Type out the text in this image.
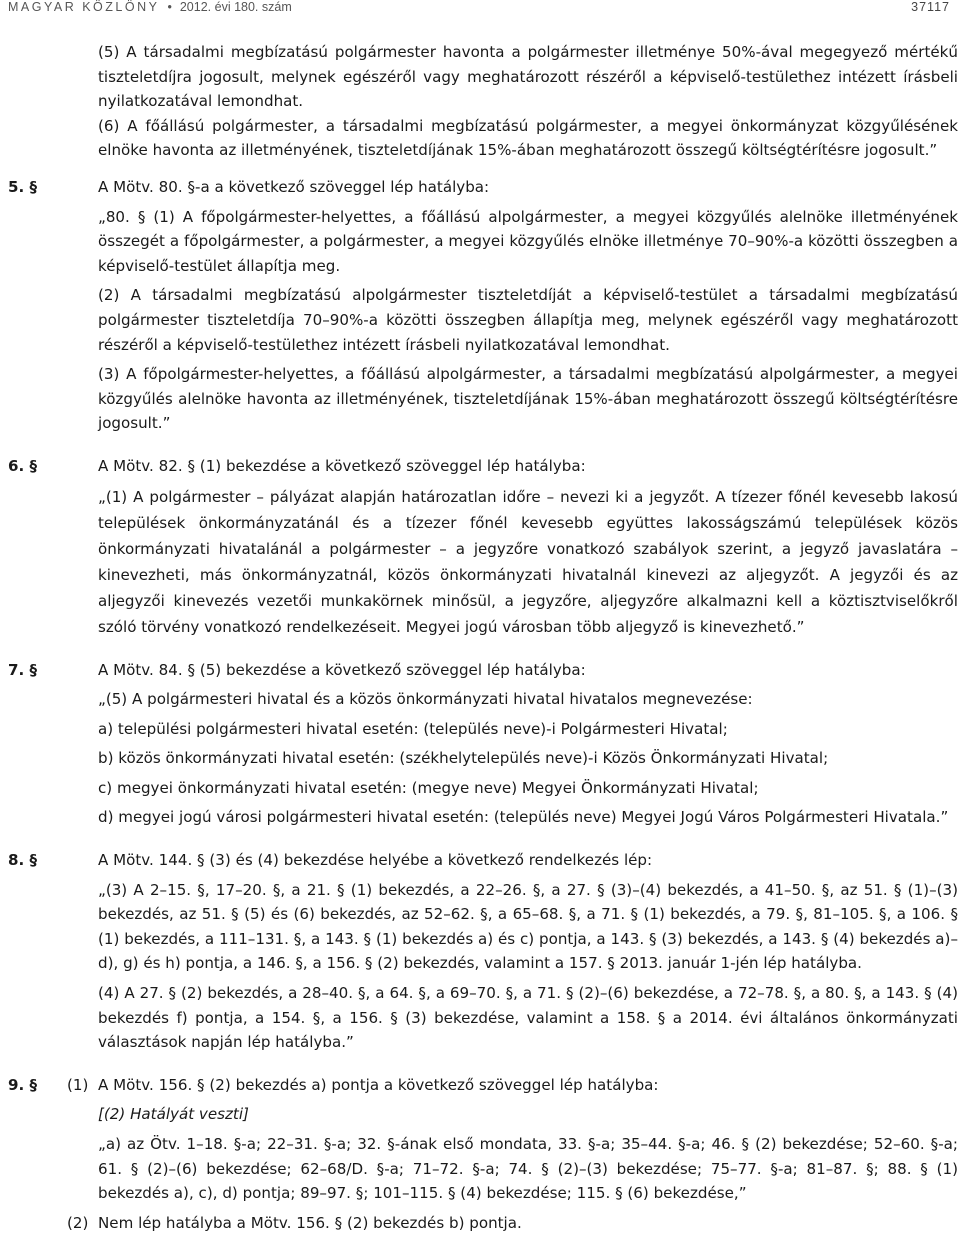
MAGYAR KÖZLÖNY • 2012. évi 180. szám	37117

(5) A társadalmi megbízatású polgármester havonta a polgármester illetménye 50%-ával megegyező mértékű tiszteletdíjra jogosult, melynek egészéről vagy meghatározott részéről a képviselő-testülethez intézett írásbeli nyilatkozatával lemondhat.

(6) A főállású polgármester, a társadalmi megbízatású polgármester, a megyei önkormányzat közgyűlésének elnöke havonta az illetményének, tiszteletdíjának 15%-ában meghatározott összegű költségtérítésre jogosult.”

5. §	A Mötv. 80. §-a a következő szöveggel lép hatályba:

„80. § (1) A főpolgármester-helyettes, a főállású alpolgármester, a megyei közgyűlés alelnöke illetményének összegét a főpolgármester, a polgármester, a megyei közgyűlés elnöke illetménye 70–90%-a közötti összegben a képviselő-testület állapítja meg.

(2) A társadalmi megbízatású alpolgármester tiszteletdíját a képviselő-testület a társadalmi megbízatású polgármester tiszteletdíja 70–90%-a közötti összegben állapítja meg, melynek egészéről vagy meghatározott részéről a képviselő-testülethez intézett írásbeli nyilatkozatával lemondhat.

(3) A főpolgármester-helyettes, a főállású alpolgármester, a társadalmi megbízatású alpolgármester, a megyei közgyűlés alelnöke havonta az illetményének, tiszteletdíjának 15%-ában meghatározott összegű költségtérítésre jogosult.”

6. §	A Mötv. 82. § (1) bekezdése a következő szöveggel lép hatályba:

„(1) A polgármester – pályázat alapján határozatlan időre – nevezi ki a jegyzőt. A tízezer főnél kevesebb lakosú települések önkormányzatánál és a tízezer főnél kevesebb együttes lakosságszámú települések közös önkormányzati hivatalánál a polgármester – a jegyzőre vonatkozó szabályok szerint, a jegyző javaslatára – kinevezheti, más önkormányzatnál, közös önkormányzati hivatalnál kinevezi az aljegyzőt. A jegyzői és az aljegyzői kinevezés vezetői munkakörnek minősül, a jegyzőre, aljegyzőre alkalmazni kell a köztisztviselőkről szóló törvény vonatkozó rendelkezéseit. Megyei jogú városban több aljegyző is kinevezhető.”

7. §	A Mötv. 84. § (5) bekezdése a következő szöveggel lép hatályba:

„(5) A polgármesteri hivatal és a közös önkormányzati hivatal hivatalos megnevezése:

a) települési polgármesteri hivatal esetén: (település neve)-i Polgármesteri Hivatal;

b) közös önkormányzati hivatal esetén: (székhelytelepülés neve)-i Közös Önkormányzati Hivatal;

c) megyei önkormányzati hivatal esetén: (megye neve) Megyei Önkormányzati Hivatal;

d) megyei jogú városi polgármesteri hivatal esetén: (település neve) Megyei Jogú Város Polgármesteri Hivatala.”

8. §	A Mötv. 144. § (3) és (4) bekezdése helyébe a következő rendelkezés lép:

„(3) A 2–15. §, 17–20. §, a 21. § (1) bekezdés, a 22–26. §, a 27. § (3)–(4) bekezdés, a 41–50. §, az 51. § (1)–(3) bekezdés, az 51. § (5) és (6) bekezdés, az 52–62. §, a 65–68. §, a 71. § (1) bekezdés, a 79. §, 81–105. §, a 106. § (1) bekezdés, a 111–131. §, a 143. § (1) bekezdés a) és c) pontja, a 143. § (3) bekezdés, a 143. § (4) bekezdés a)–d), g) és h) pontja, a 146. §, a 156. § (2) bekezdés, valamint a 157. § 2013. január 1-jén lép hatályba.

(4) A 27. § (2) bekezdés, a 28–40. §, a 64. §, a 69–70. §, a 71. § (2)–(6) bekezdése, a 72–78. §, a 80. §, a 143. § (4) bekezdés f) pontja, a 154. §, a 156. § (3) bekezdése, valamint a 158. § a 2014. évi általános önkormányzati választások napján lép hatályba.”

9. § (1) A Mötv. 156. § (2) bekezdés a) pontja a következő szöveggel lép hatályba:

[(2) Hatályát veszti]

„a) az Ötv. 1–18. §-a; 22–31. §-a; 32. §-ának első mondata, 33. §-a; 35–44. §-a; 46. § (2) bekezdése; 52–60. §-a; 61. § (2)–(6) bekezdése; 62–68/D. §-a; 71–72. §-a; 74. § (2)–(3) bekezdése; 75–77. §-a; 81–87. §; 88. § (1) bekezdés a), c), d) pontja; 89–97. §; 101–115. § (4) bekezdése; 115. § (6) bekezdése,”

(2) Nem lép hatályba a Mötv. 156. § (2) bekezdés b) pontja.
